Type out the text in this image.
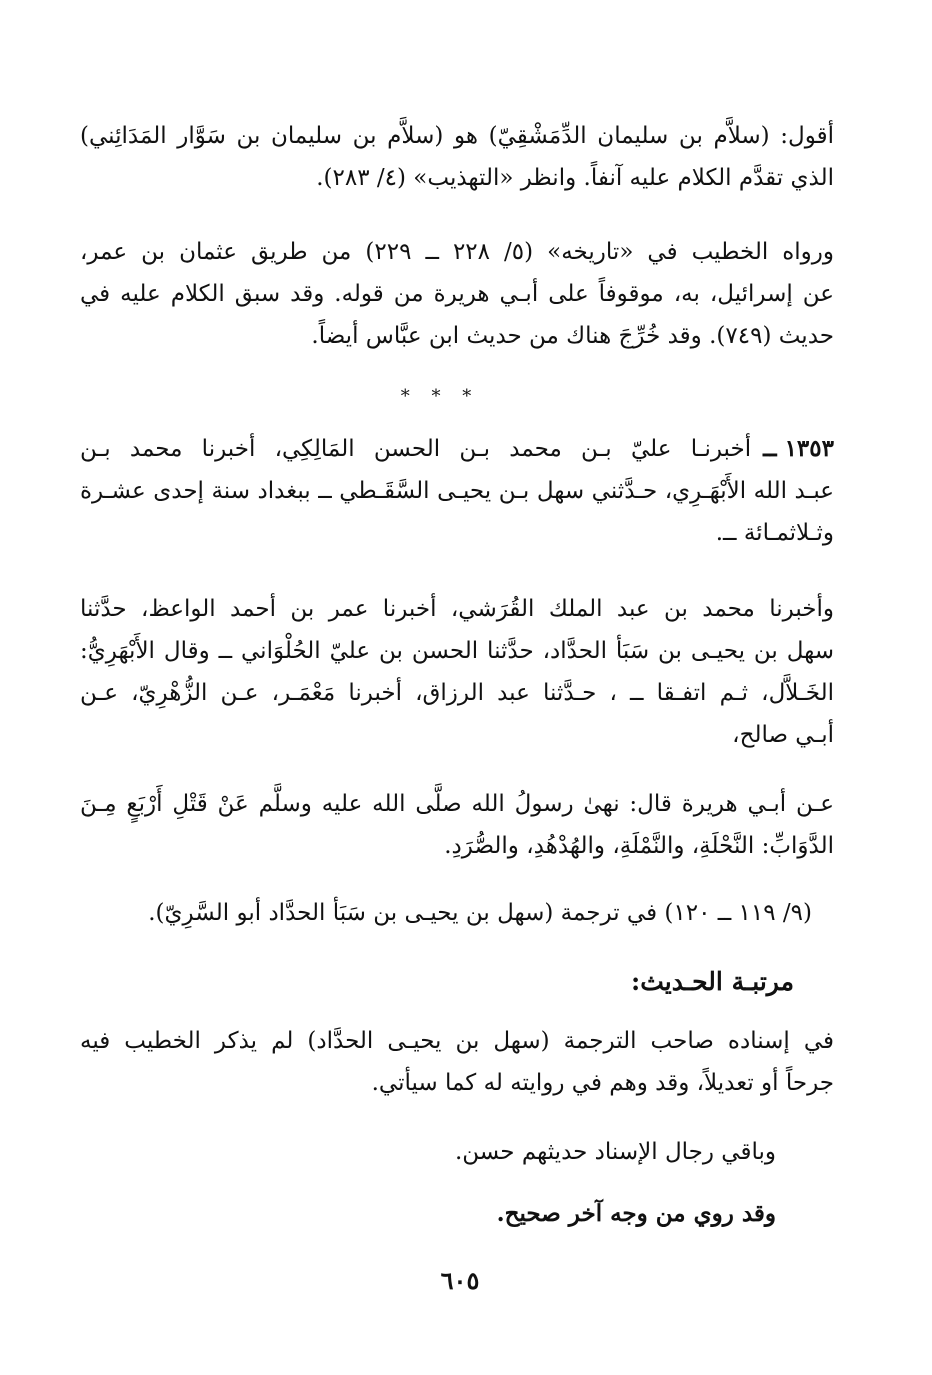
أقول: (سلاَّم بن سليمان الدِّمَشْقِيّ) هو (سلاَّم بن سليمان بن سَوَّار المَدَائِني)
الذي تقدَّم الكلام عليه آنفاً. وانظر «التهذيب» (٤/ ٢٨٣).
ورواه الخطيب في «تاريخه» (٥/ ٢٢٨ ــ ٢٢٩) من طريق عثمان بن عمر،
عن إسرائيل، به، موقوفاً على أبـي هريرة من قوله. وقد سبق الكلام عليه في
حديث (٧٤٩). وقد خُرِّجَ هناك من حديث ابن عبَّاس أيضاً.
* * *
١٣٥٣ ــ
أخبرنـا عليّ بـن محمد بـن الحسن المَالِكِي، أخبرنا محمد بـن
عبـد الله الأَبْهَـرِي، حـدَّثني سهل بـن يحيـى السَّقَـطي ــ ببغداد سنة إحدى عشـرة
وثـلاثمـائة ــ.
وأخبرنا محمد بن عبد الملك القُرَشي، أخبرنا عمر بن أحمد الواعظ، حدَّثنا
سهل بن يحيـى بن سَبَأ الحدَّاد، حدَّثنا الحسن بن عليّ الحُلْوَاني ــ وقال الأَبْهَرِيُّ:
الخَـلاَّل، ثـم اتفـقا ــ ، حـدَّثنا عبد الرزاق، أخبرنا مَعْمَـر، عـن الزُّهْرِيّ، عـن
أبـي صالح،
عـن أبـي هريرة قال: نهىٰ رسولُ الله صلَّى الله عليه وسلَّم عَنْ قَتْلِ أَرْبَعٍ مِـنَ
الدَّوَابِّ: النَّحْلَةِ، والنَّمْلَةِ، والهُدْهُدِ، والصُّرَدِ.
(٩/ ١١٩ ــ ١٢٠) في ترجمة (سهل بن يحيـى بن سَبَأ الحدَّاد أبو السَّرِيّ).
مرتبـة الحـديث:
في إسناده صاحب الترجمة (سهل بن يحيـى الحدَّاد) لم يذكر الخطيب فيه
جرحاً أو تعديلاً، وقد وهم في روايته له كما سيأتي.
وباقي رجال الإسناد حديثهم حسن.
وقد روي من وجه آخر صحيح.
٦٠٥
